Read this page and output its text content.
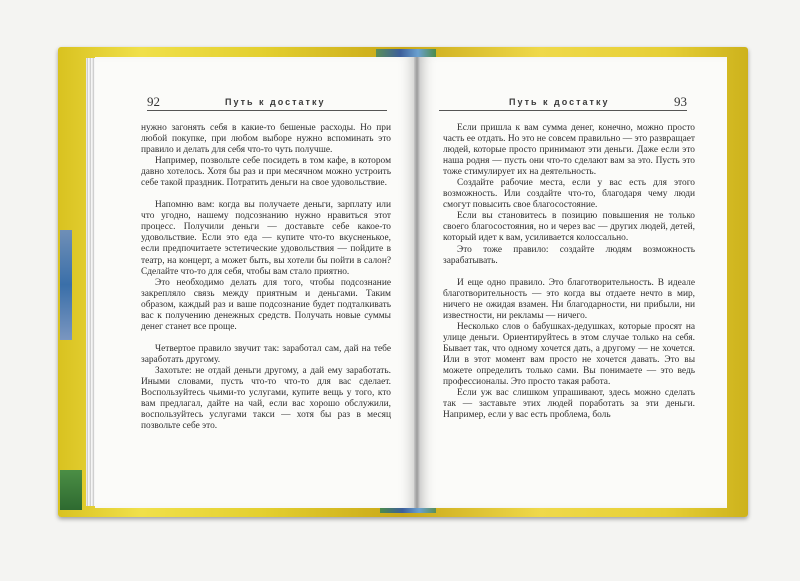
92	Путь к достатку

нужно загонять себя в какие-то бешеные расходы. Но при любой покупке, при любом выборе нужно вспоминать это правило и делать для себя что-то чуть получше.

Например, позвольте себе посидеть в том кафе, в котором давно хотелось. Хотя бы раз и при месячном можно устроить себе такой праздник. Потратить деньги на свое удовольствие.

Напомню вам: когда вы получаете деньги, зарплату или что угодно, нашему подсознанию нужно нравиться этот процесс. Получили деньги — доставьте себе какое-то удовольствие. Если это еда — купите что-то вкусненькое, если предпочитаете эстетические удовольствия — пойдите в театр, на концерт, а может быть, вы хотели бы пойти в салон? Сделайте что-то для себя, чтобы вам стало приятно.

Это необходимо делать для того, чтобы подсознание закрепляло связь между приятным и деньгами. Таким образом, каждый раз и ваше подсознание будет подталкивать вас к получению денежных средств. Получать новые суммы денег станет все проще.

Четвертое правило звучит так: заработал сам, дай на тебе заработать другому.

Захотьте: не отдай деньги другому, а дай ему заработать. Иными словами, пусть что-то что-то для вас сделает. Воспользуйтесь чьими-то услугами, купите вещь у того, кто вам предлагал, дайте на чай, если вас хорошо обслужили, воспользуйтесь услугами такси — хотя бы раз в месяц позвольте себе это.

Путь к достатку	93

Если пришла к вам сумма денег, конечно, можно просто часть ее отдать. Но это не совсем правильно — это развращает людей, которые просто принимают эти деньги. Даже если это наша родня — пусть они что-то сделают вам за это. Пусть это тоже стимулирует их на деятельность.

Создайте рабочие места, если у вас есть для этого возможность. Или создайте что-то, благодаря чему люди смогут повысить свое благосостояние.

Если вы становитесь в позицию повышения не только своего благосостояния, но и через вас — других людей, детей, который идет к вам, усиливается колоссально.

Это тоже правило: создайте людям возможность зарабатывать.

И еще одно правило. Это благотворительность. В идеале благотворительность — это когда вы отдаете нечто в мир, ничего не ожидая взамен. Ни благодарности, ни прибыли, ни известности, ни рекламы — ничего.

Несколько слов о бабушках-дедушках, которые просят на улице деньги. Ориентируйтесь в этом случае только на себя. Бывает так, что одному хочется дать, а другому — не хочется. Или в этот момент вам просто не хочется давать. Это вы можете определить только сами. Вы понимаете — это ведь профессионалы. Это просто такая работа.

Если уж вас слишком упрашивают, здесь можно сделать так — заставьте этих людей поработать за эти деньги. Например, если у вас есть проблема, боль
